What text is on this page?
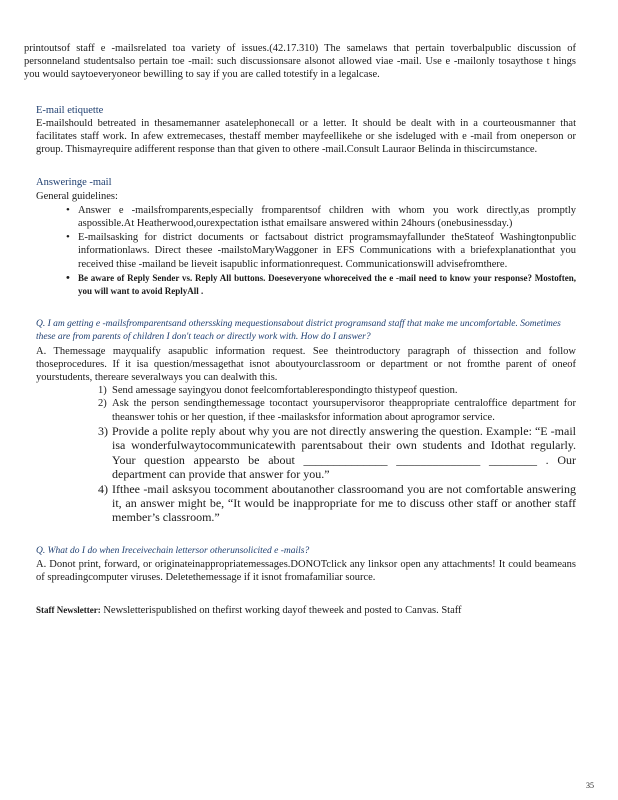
printoutsof staff e -mailsrelated toa variety of issues.(42.17.310) The samelaws that pertain toverbalpublic discussion of personneland studentsalso pertain toe -mail: such discussionsare alsonot allowed viae -mail. Use e -mailonly tosaythose t hings you would saytoeveryoneor bewilling to say if you are called totestify in a legalcase.

E-mail etiquette

E-mailshould betreated in thesamemanner asatelephonecall or a letter. It should be dealt with in a courteousmanner that facilitates staff work. In afew extremecases, thestaff member mayfeellikehe or she isdeluged with e -mail from oneperson or group. Thismayrequire adifferent response than that given to othere -mail.Consult Lauraor Belinda in thiscircumstance.

Answeringe -mail

General guidelines:

• Answer e -mailsfromparents,especially fromparentsof children with whom you work directly,as promptly aspossible.At Heatherwood,ourexpectation isthat emailsare answered within 24hours (onebusinessday.)

• E-mailsasking for district documents or factsabout district programsmayfallunder theStateof Washingtonpublic informationlaws. Direct thesee -mailstoMaryWaggoner in EFS Communications with a briefexplanationthat you received thise -mailand be lieveit isapublic informationrequest. Communicationswill advisefromthere.

• Be aware of Reply Sender vs. Reply All buttons. Doeseveryone whoreceived the e -mail need to know your response? Mostoften, you will want to avoid ReplyAll .

Q. I am getting e -mailsfromparentsand otherssking mequestionsabout district programsand staff that make me uncomfortable. Sometimes these are from parents of children I don't teach or directly work with. How do I answer?

A. Themessage mayqualify asapublic information request. See theintroductory paragraph of thissection and follow thoseprocedures. If it isa question/messagethat isnot aboutyourclassroom or department or not fromthe parent of oneof yourstudents, thereare severalways you can dealwith this.

1) Send amessage sayingyou donot feelcomfortablerespondingto thistypeof question.

2) Ask the person sendingthemessage tocontact yoursupervisoror theappropriate centraloffice department for theanswer tohis or her question, if thee -mailasksfor information about aprogramor service.

3) Provide a polite reply about why you are not directly answering the question. Example: “E -mail isa wonderfulwaytocommunicatewith parentsabout their own students and Idothat regularly. Your question appearsto be about ______________ ______________ ________ . Our department can provide that answer for you.”

4) Ifthee -mail asksyou tocomment aboutanother classroomand you are not comfortable answering it, an answer might be, “It would be inappropriate for me to discuss other staff or another staff member’s classroom.”

Q. What do I do when Ireceivechain lettersor otherunsolicited e -mails?

A. Donot print, forward, or originateinappropriatemessages.DONOTclick any linksor open any attachments! It could beameans of spreadingcomputer viruses. Deletethemessage if it isnot fromafamiliar source.

Staff Newsletter: Newsletterispublished on thefirst working dayof theweek and posted to Canvas. Staff

35
